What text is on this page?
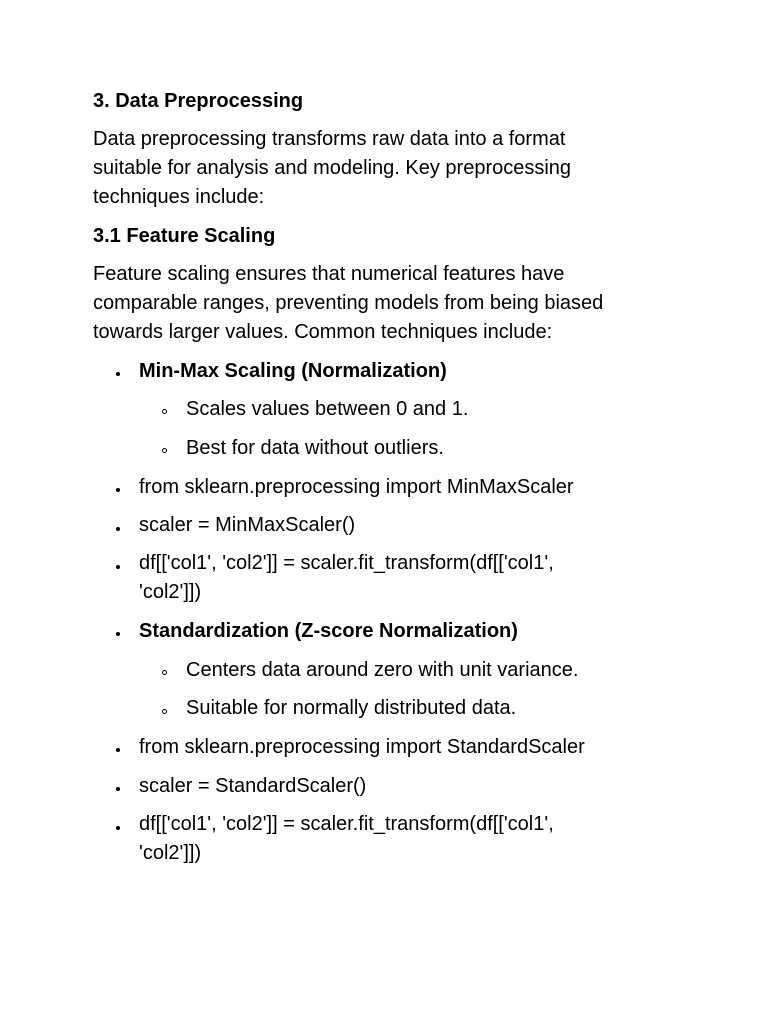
3. Data Preprocessing
Data preprocessing transforms raw data into a format
suitable for analysis and modeling. Key preprocessing
techniques include:
3.1 Feature Scaling
Feature scaling ensures that numerical features have
comparable ranges, preventing models from being biased
towards larger values. Common techniques include:
Min-Max Scaling (Normalization)
Scales values between 0 and 1.
Best for data without outliers.
from sklearn.preprocessing import MinMaxScaler
scaler = MinMaxScaler()
df[['col1', 'col2']] = scaler.fit_transform(df[['col1',
'col2']])
Standardization (Z-score Normalization)
Centers data around zero with unit variance.
Suitable for normally distributed data.
from sklearn.preprocessing import StandardScaler
scaler = StandardScaler()
df[['col1', 'col2']] = scaler.fit_transform(df[['col1',
'col2']])
